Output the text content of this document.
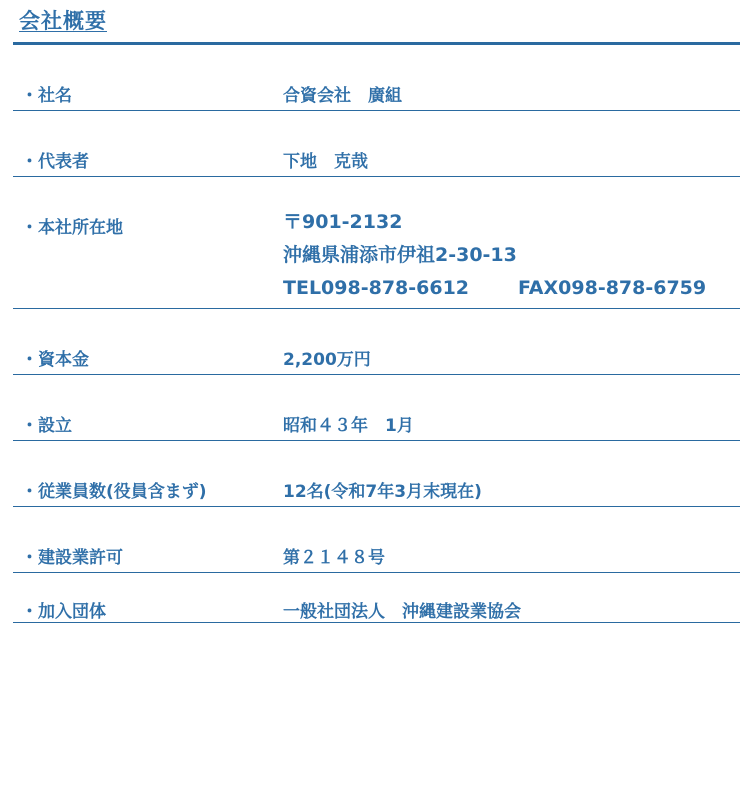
会社概要
・社名	合資会社　廣組
・代表者	下地　克哉
・本社所在地	〒901-2132
沖縄県浦添市伊祖2-30-13
TEL098-878-6612	FAX098-878-6759
・資本金	2,200万円
・設立	昭和４３年　1月
・従業員数(役員含まず)	12名(令和7年3月末現在)
・建設業許可	第２１４８号
・加入団体	一般社団法人　沖縄建設業協会
